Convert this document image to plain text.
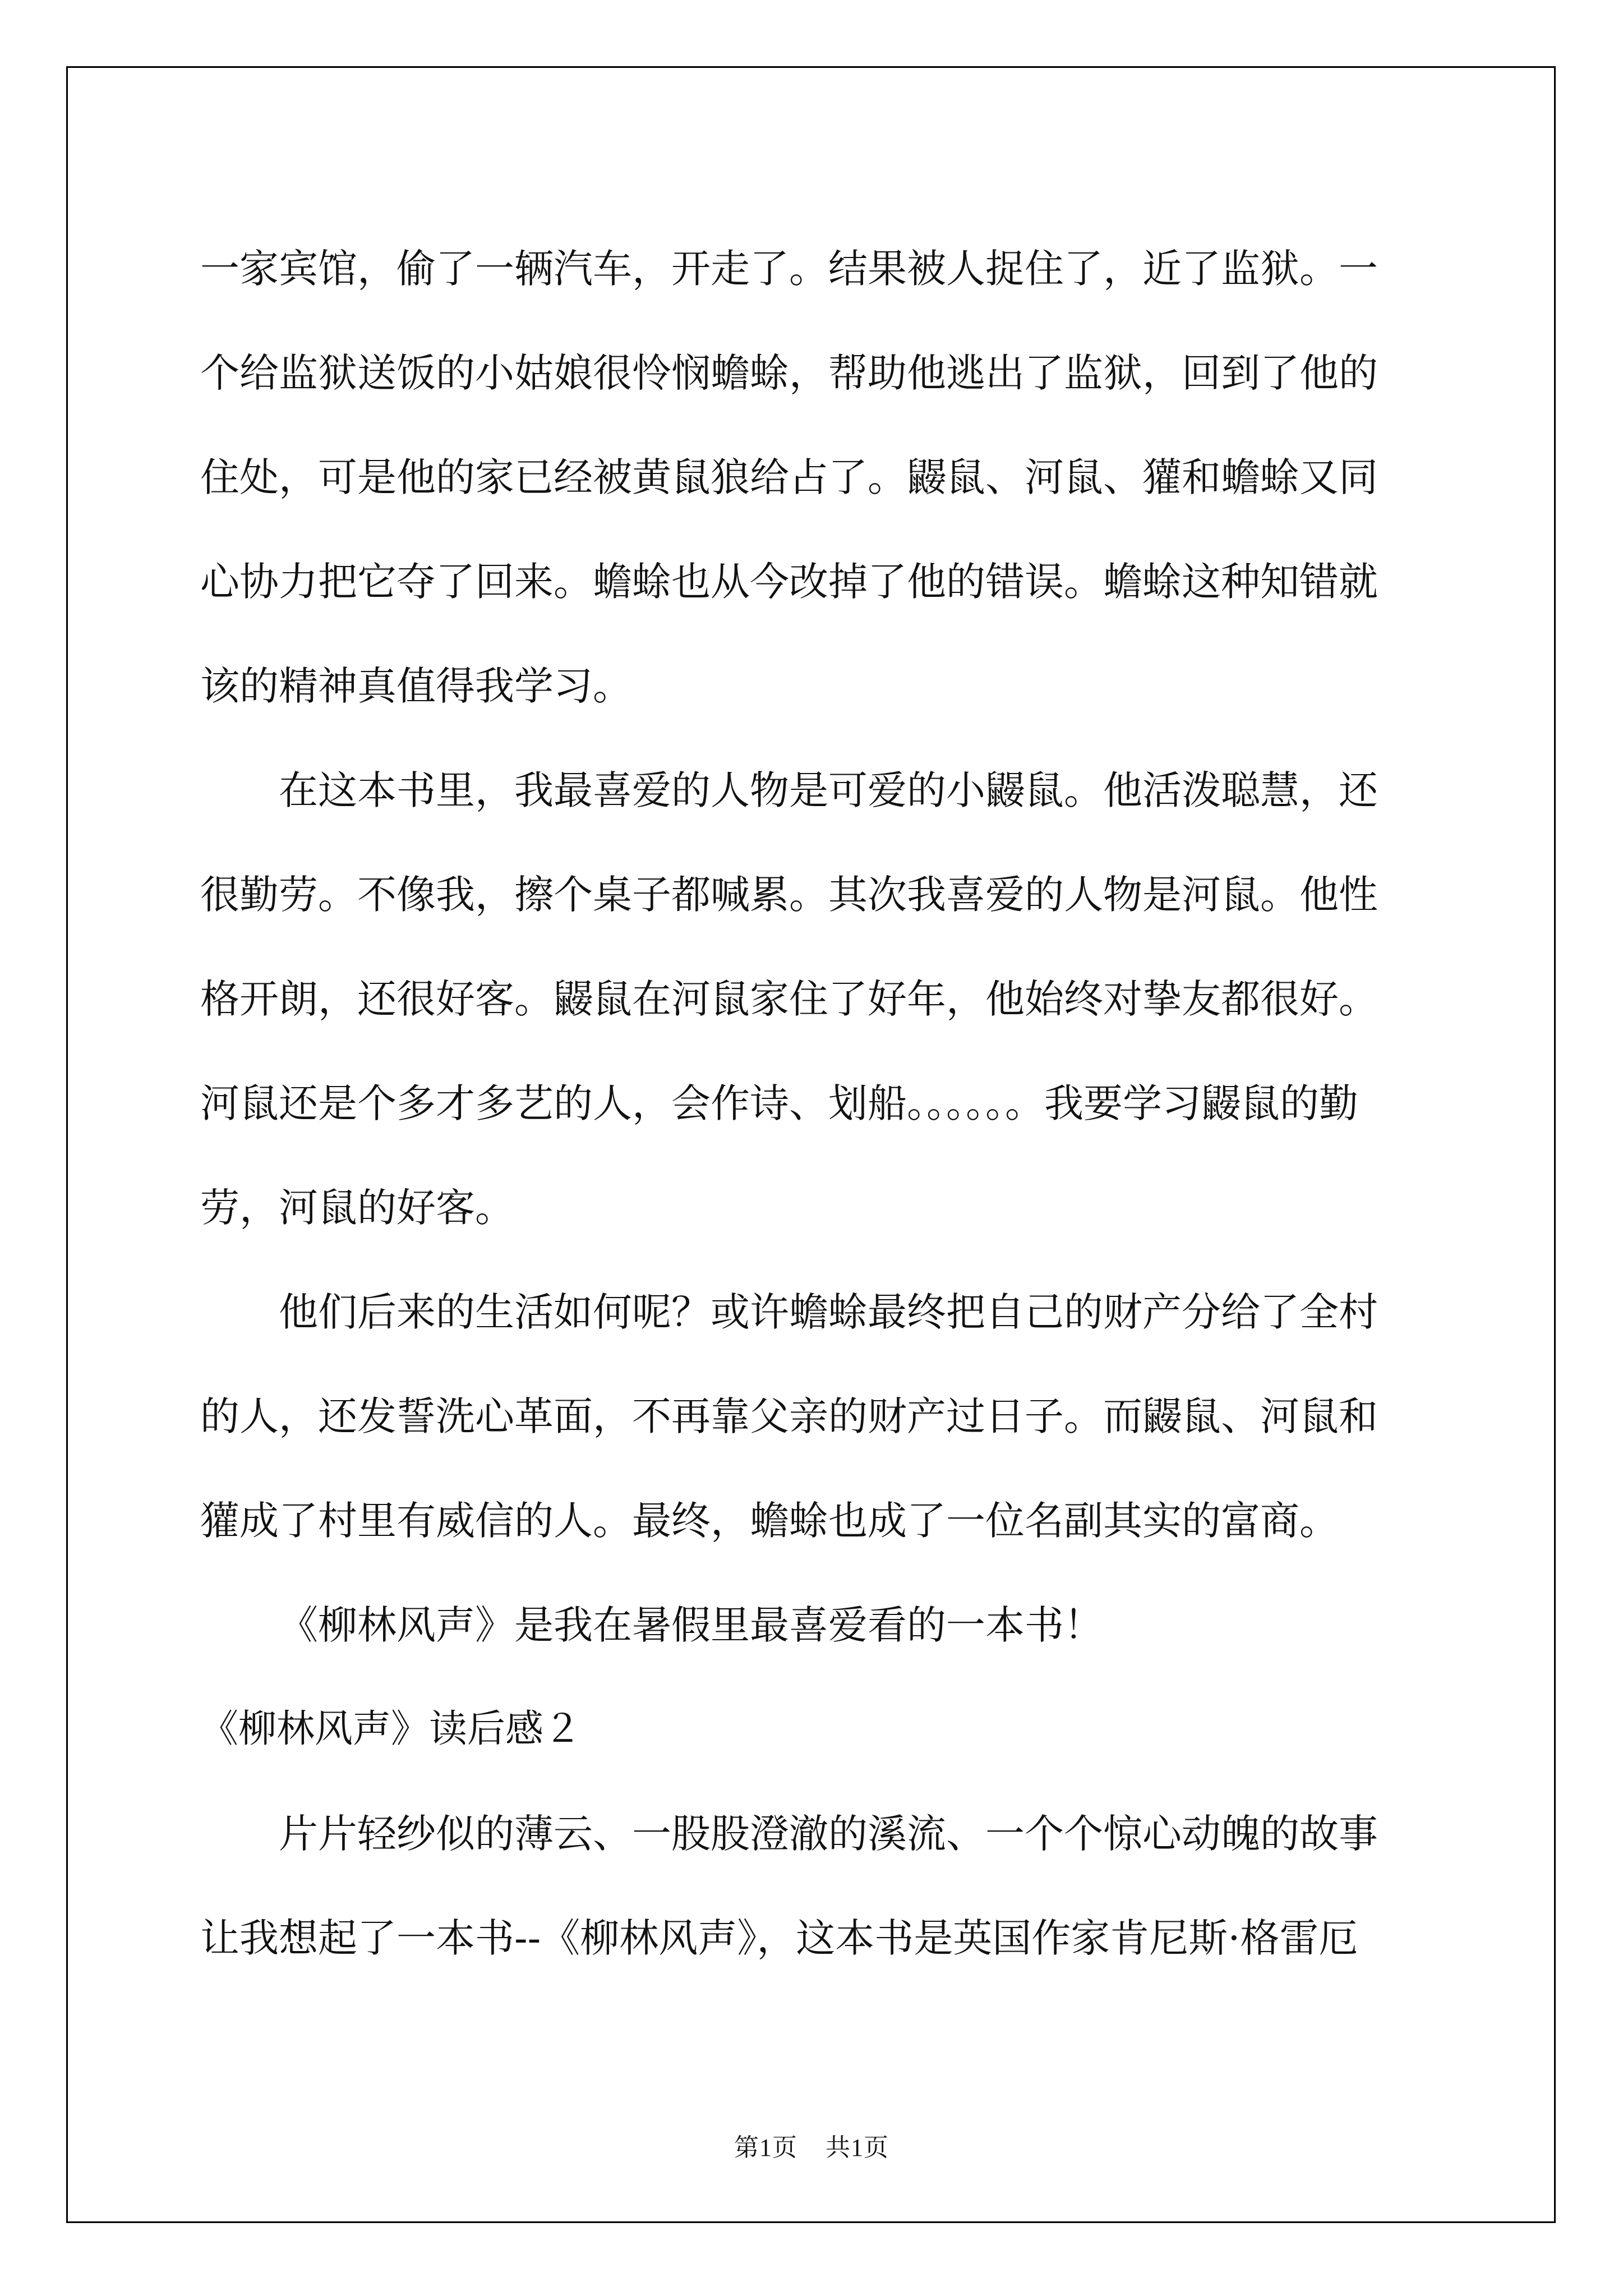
一家宾馆，偷了一辆汽车，开走了。结果被人捉住了，近了监狱。一
个给监狱送饭的小姑娘很怜悯蟾蜍，帮助他逃出了监狱，回到了他的
住处，可是他的家已经被黄鼠狼给占了。鼹鼠、河鼠、獾和蟾蜍又同
心协力把它夺了回来。蟾蜍也从今改掉了他的错误。蟾蜍这种知错就
该的精神真值得我学习。
在这本书里，我最喜爱的人物是可爱的小鼹鼠。他活泼聪慧，还
很勤劳。不像我，擦个桌子都喊累。其次我喜爱的人物是河鼠。他性
格开朗，还很好客。鼹鼠在河鼠家住了好年，他始终对挚友都很好。
河鼠还是个多才多艺的人，会作诗、划船。。。。。。我要学习鼹鼠的勤
劳，河鼠的好客。
他们后来的生活如何呢？或许蟾蜍最终把自己的财产分给了全村
的人，还发誓洗心革面，不再靠父亲的财产过日子。而鼹鼠、河鼠和
獾成了村里有威信的人。最终，蟾蜍也成了一位名副其实的富商。
《柳林风声》是我在暑假里最喜爱看的一本书！
《柳林风声》读后感２
片片轻纱似的薄云、一股股澄澈的溪流、一个个惊心动魄的故事
让我想起了一本书--《柳林风声》，这本书是英国作家肯尼斯·格雷厄
第1页 共1页
